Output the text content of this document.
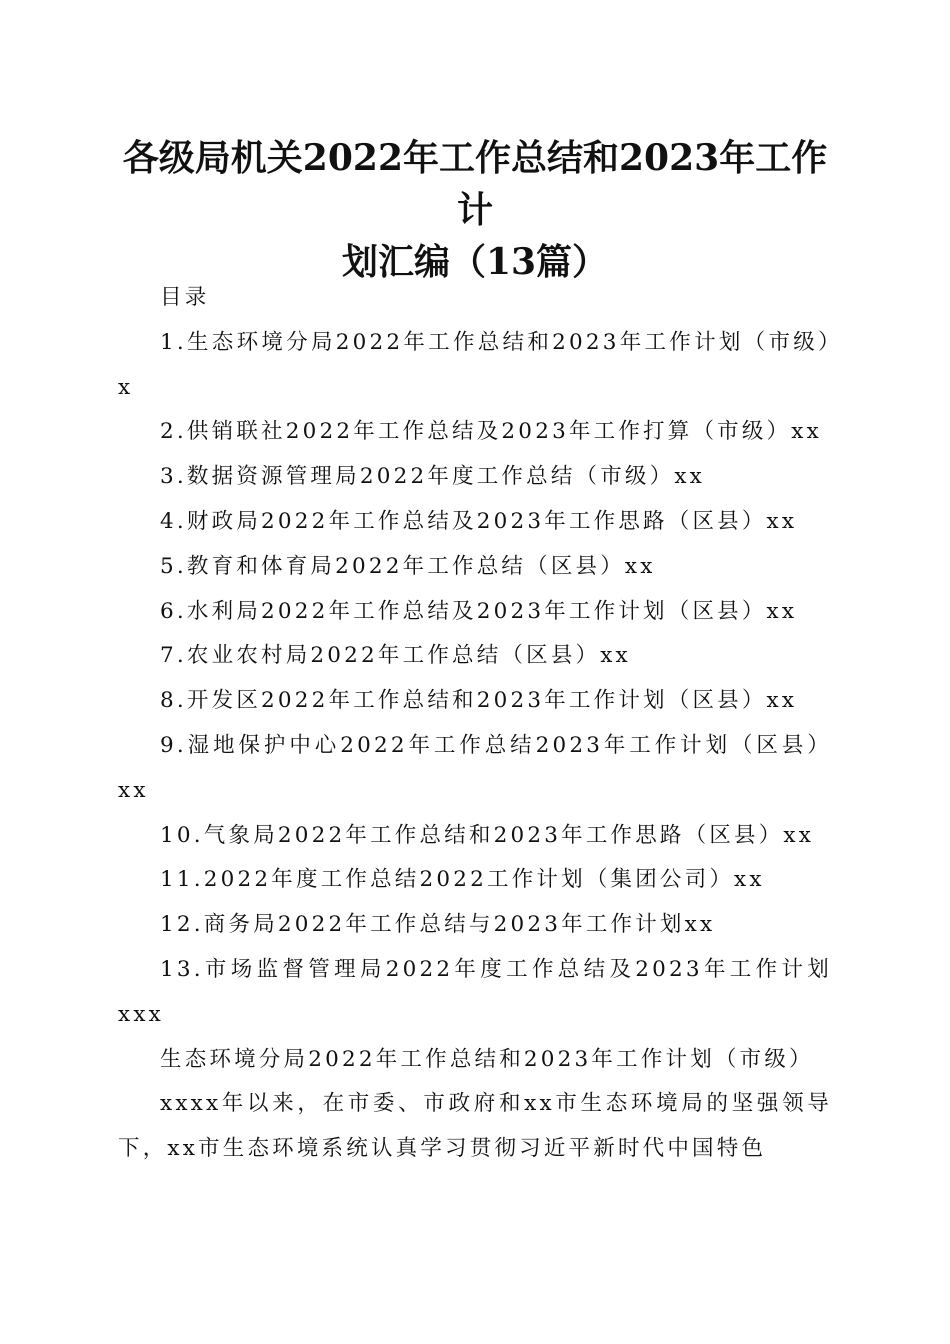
各级局机关2022年工作总结和2023年工作计
划汇编（13篇）

目录

1.生态环境分局2022年工作总结和2023年工作计划（市级）x

2.供销联社2022年工作总结及2023年工作打算（市级）xx

3.数据资源管理局2022年度工作总结（市级）xx

4.财政局2022年工作总结及2023年工作思路（区县）xx

5.教育和体育局2022年工作总结（区县）xx

6.水利局2022年工作总结及2023年工作计划（区县）xx

7.农业农村局2022年工作总结（区县）xx

8.开发区2022年工作总结和2023年工作计划（区县）xx

9.湿地保护中心2022年工作总结2023年工作计划（区县）xx

10.气象局2022年工作总结和2023年工作思路（区县）xx

11.2022年度工作总结2022工作计划（集团公司）xx

12.商务局2022年工作总结与2023年工作计划xx

13.市场监督管理局2022年度工作总结及2023年工作计划xxx

生态环境分局2022年工作总结和2023年工作计划（市级）

xxxx年以来，在市委、市政府和xx市生态环境局的坚强领导下，xx市生态环境系统认真学习贯彻习近平新时代中国特色
